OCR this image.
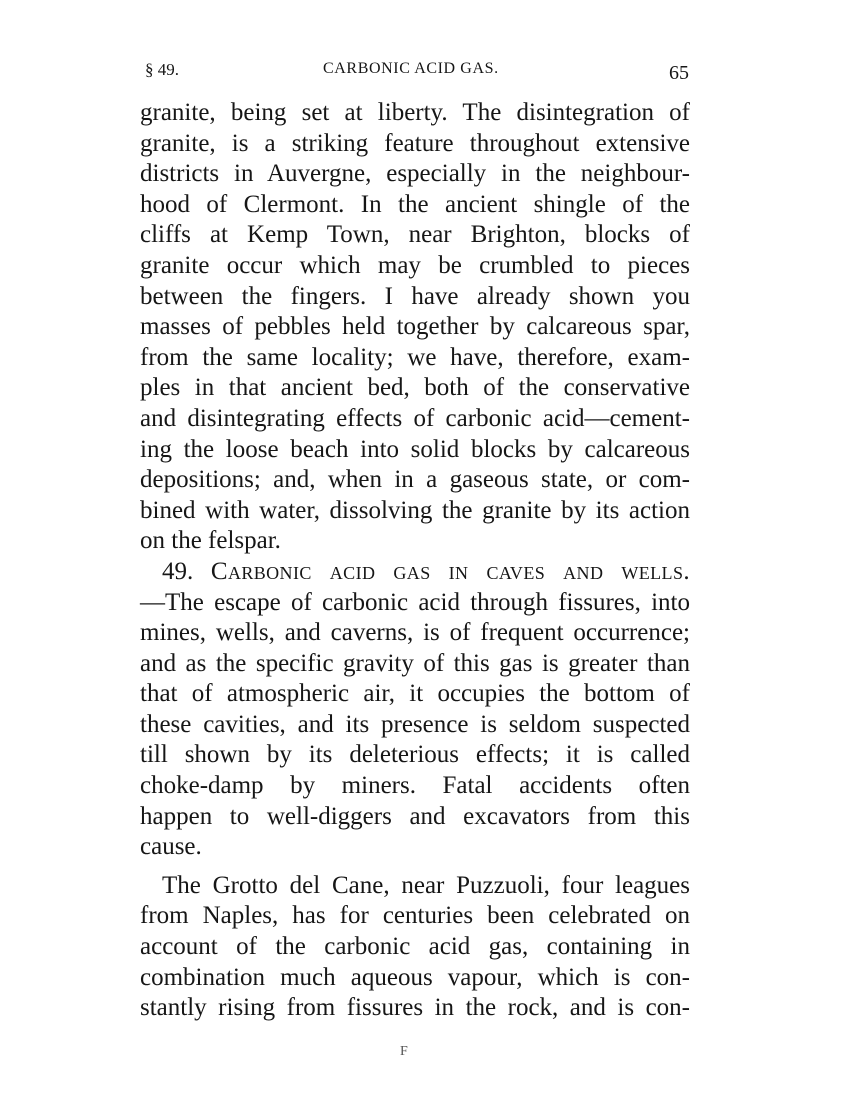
§ 49.	CARBONIC ACID GAS.	65
granite, being set at liberty. The disintegration of
granite, is a striking feature throughout extensive
districts in Auvergne, especially in the neighbour-
hood of Clermont. In the ancient shingle of the
cliffs at Kemp Town, near Brighton, blocks of
granite occur which may be crumbled to pieces
between the fingers. I have already shown you
masses of pebbles held together by calcareous spar,
from the same locality; we have, therefore, exam-
ples in that ancient bed, both of the conservative
and disintegrating effects of carbonic acid—cement-
ing the loose beach into solid blocks by calcareous
depositions; and, when in a gaseous state, or com-
bined with water, dissolving the granite by its action
on the felspar.
49. Carbonic acid gas in caves and wells.
—The escape of carbonic acid through fissures, into
mines, wells, and caverns, is of frequent occurrence;
and as the specific gravity of this gas is greater than
that of atmospheric air, it occupies the bottom of
these cavities, and its presence is seldom suspected
till shown by its deleterious effects; it is called
choke-damp by miners. Fatal accidents often
happen to well-diggers and excavators from this
cause.
The Grotto del Cane, near Puzzuoli, four leagues
from Naples, has for centuries been celebrated on
account of the carbonic acid gas, containing in
combination much aqueous vapour, which is con-
stantly rising from fissures in the rock, and is con-
F
